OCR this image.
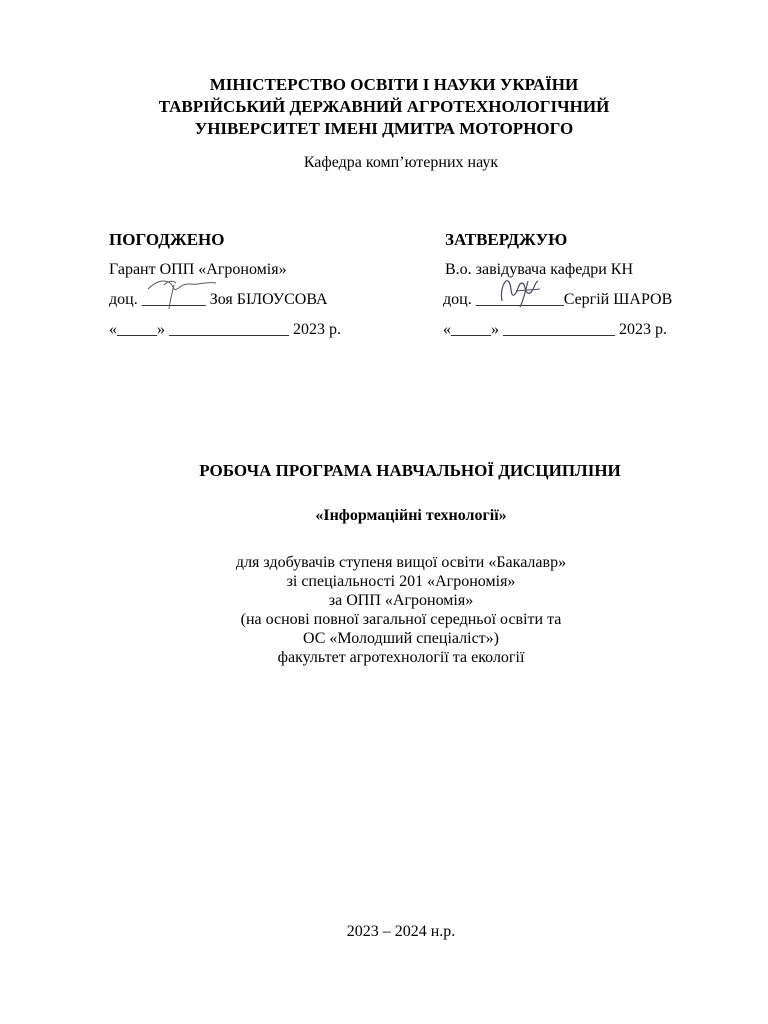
МІНІСТЕРСТВО ОСВІТИ І НАУКИ УКРАЇНИ
ТАВРІЙСЬКИЙ ДЕРЖАВНИЙ АГРОТЕХНОЛОГІЧНИЙ
УНІВЕРСИТЕТ ІМЕНІ ДМИТРА МОТОРНОГО
Кафедра комп’ютерних наук
ПОГОДЖЕНО
Гарант ОПП «Агрономія»
доц. ________
Зоя БІЛОУСОВА
«_____» _______________ 2023 р.
ЗАТВЕРДЖУЮ
В.о. завідувача кафедри КН
доц. ___________
Сергій ШАРОВ
«_____» ______________ 2023 р.
РОБОЧА ПРОГРАМА НАВЧАЛЬНОЇ ДИСЦИПЛІНИ
«Інформаційні технології»
для здобувачів ступеня вищої освіти «Бакалавр»
зі спеціальності 201 «Агрономія»
за ОПП «Агрономія»
(на основі повної загальної середньої освіти та
ОС «Молодший спеціаліст»)
факультет агротехнології та екології
2023 – 2024 н.р.
